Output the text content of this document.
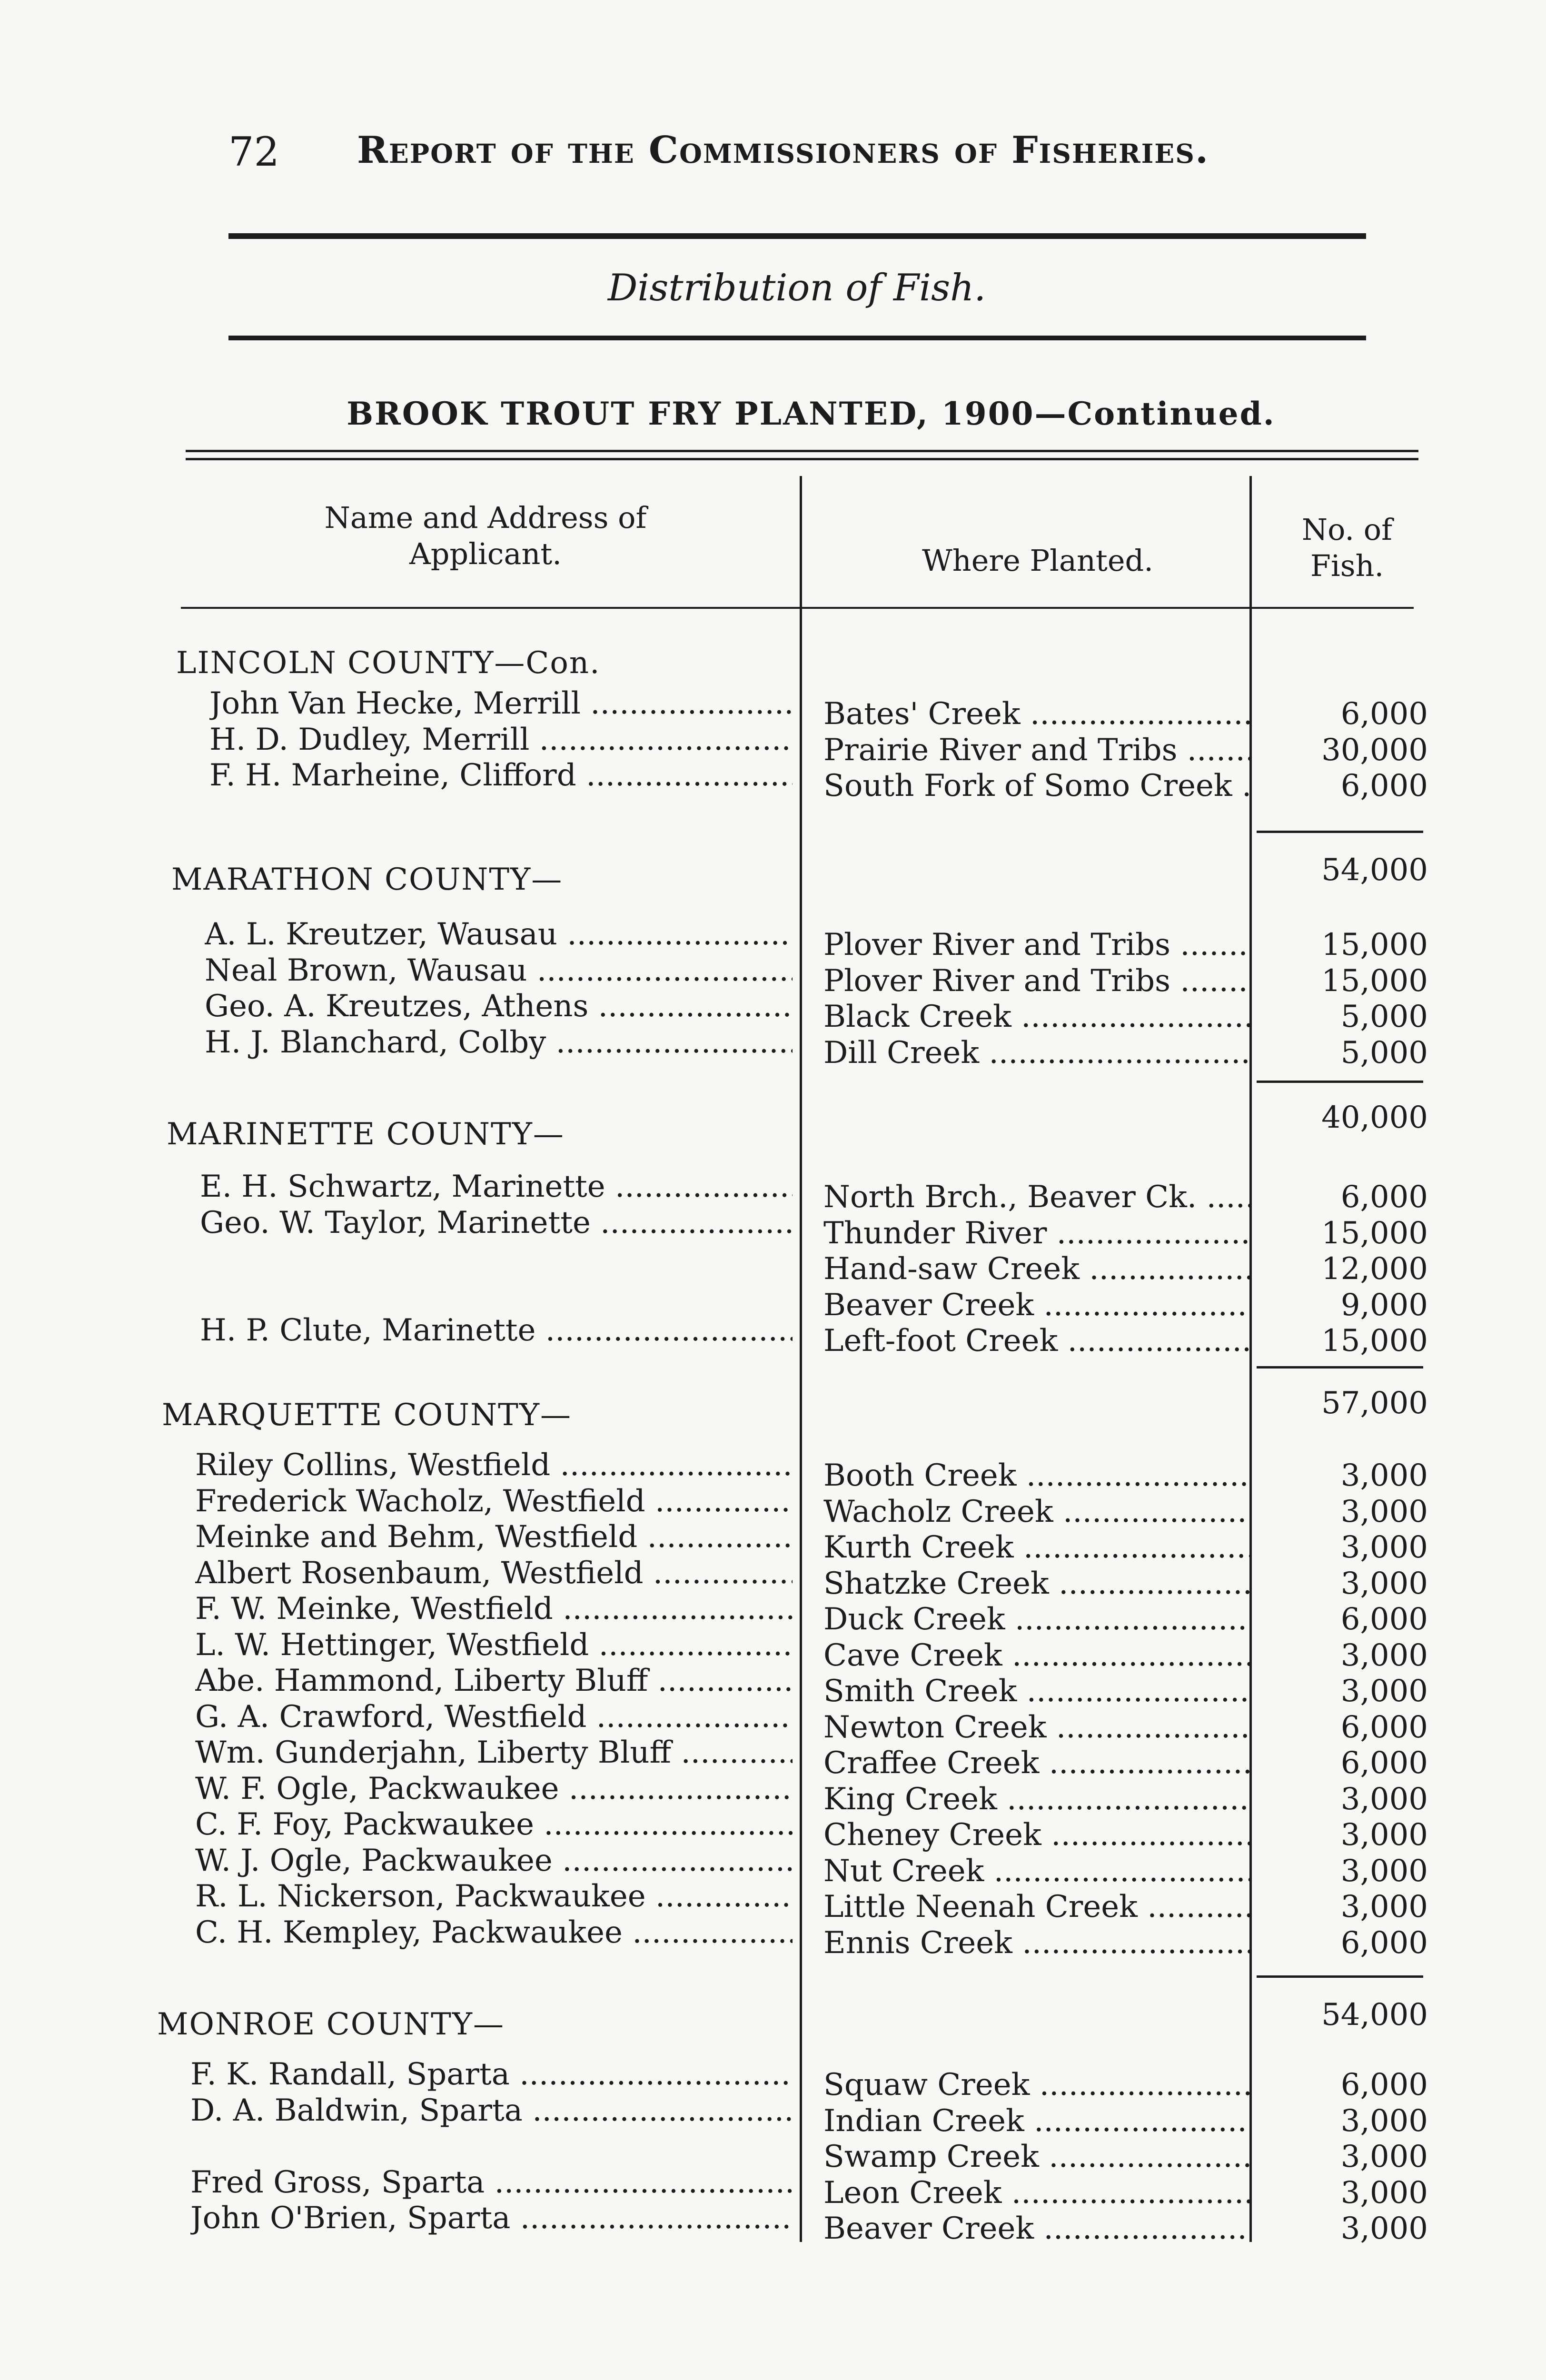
72 Report of the Commissioners of Fisheries.
Distribution of Fish.
BROOK TROUT FRY PLANTED, 1900—Continued.
Name and Address of Applicant.	Where Planted.
No. of Fish.
LINCOLN COUNTY—Con.
John Van Hecke, Merrill .....	Bates' Creek .....	6,000
H. D. Dudley, Merrill .....	Prairie River and Tribs .....	30,000
F. H. Marheine, Clifford .....	South Fork of Somo Creek .....	6,000
54,000
MARATHON COUNTY—
A. L. Kreutzer, Wausau .....	Plover River and Tribs .....	15,000
Neal Brown, Wausau .....	Plover River and Tribs .....	15,000
Geo. A. Kreutzes, Athens .....	Black Creek .....	5,000
H. J. Blanchard, Colby .....	Dill Creek .....	5,000
40,000
MARINETTE COUNTY—
E. H. Schwartz, Marinette .....	North Brch., Beaver Ck. .....	6,000
Geo. W. Taylor, Marinette .....	Thunder River .....	15,000
Hand-saw Creek .....	12,000
Beaver Creek .....	9,000
H. P. Clute, Marinette .....	Left-foot Creek .....	15,000
57,000
MARQUETTE COUNTY—
Riley Collins, Westfield .....	Booth Creek .....	3,000
Frederick Wacholz, Westfield .....	Wacholz Creek .....	3,000
Meinke and Behm, Westfield .....	Kurth Creek .....	3,000
Albert Rosenbaum, Westfield .....	Shatzke Creek .....	3,000
F. W. Meinke, Westfield .....	Duck Creek .....	6,000
L. W. Hettinger, Westfield .....	Cave Creek .....	3,000
Abe. Hammond, Liberty Bluff .....	Smith Creek .....	3,000
G. A. Crawford, Westfield .....	Newton Creek .....	6,000
Wm. Gunderjahn, Liberty Bluff .....	Craffee Creek .....	6,000
W. F. Ogle, Packwaukee .....	King Creek .....	3,000
C. F. Foy, Packwaukee .....	Cheney Creek .....	3,000
W. J. Ogle, Packwaukee .....	Nut Creek .....	3,000
R. L. Nickerson, Packwaukee .....	Little Neenah Creek .....	3,000
C. H. Kempley, Packwaukee .....	Ennis Creek .....	6,000
54,000
MONROE COUNTY—
F. K. Randall, Sparta .....	Squaw Creek .....	6,000
D. A. Baldwin, Sparta .....	Indian Creek .....	3,000
Swamp Creek .....	3,000
Fred Gross, Sparta .....	Leon Creek .....	3,000
John O'Brien, Sparta .....	Beaver Creek .....	3,000
